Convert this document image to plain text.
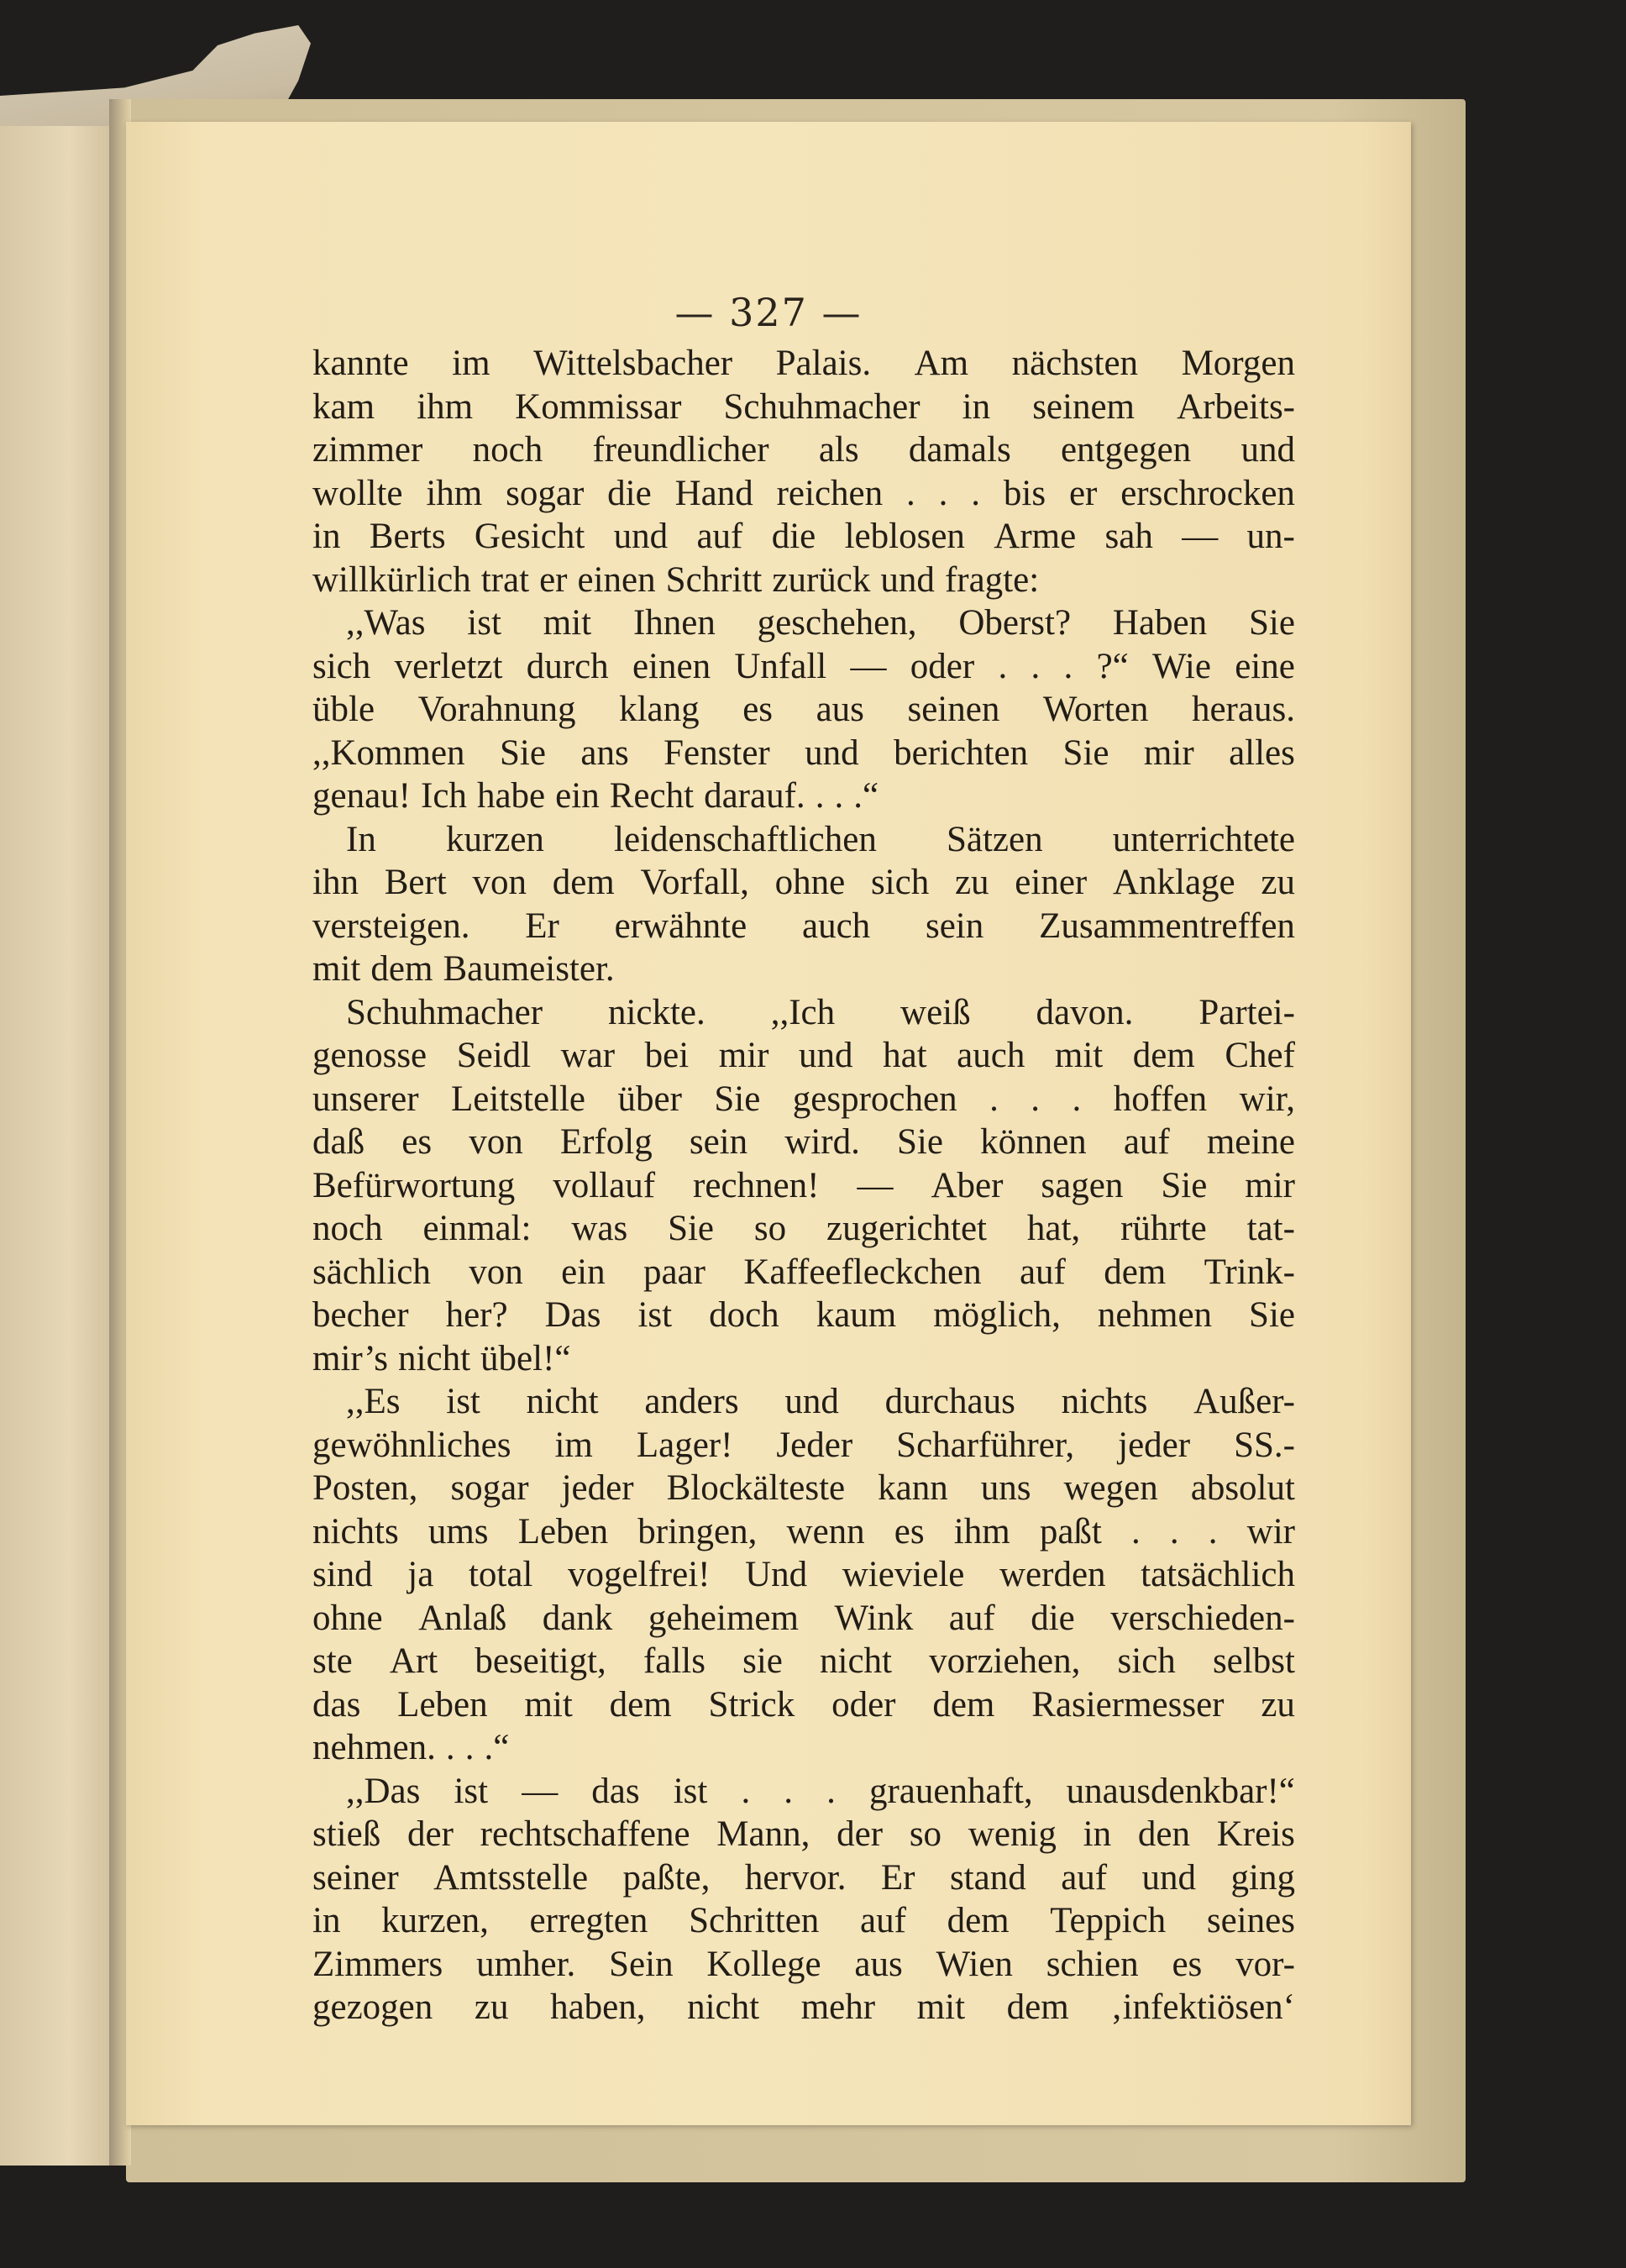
— 327 —
kannte im Wittelsbacher Palais. Am nächsten Morgen
kam ihm Kommissar Schuhmacher in seinem Arbeits-
zimmer noch freundlicher als damals entgegen und
wollte ihm sogar die Hand reichen . . . bis er erschrocken
in Berts Gesicht und auf die leblosen Arme sah — un-
willkürlich trat er einen Schritt zurück und fragte:
,,Was ist mit Ihnen geschehen, Oberst? Haben Sie
sich verletzt durch einen Unfall — oder . . . ?“ Wie eine
üble Vorahnung klang es aus seinen Worten heraus.
,,Kommen Sie ans Fenster und berichten Sie mir alles
genau! Ich habe ein Recht darauf. . . .“
In kurzen leidenschaftlichen Sätzen unterrichtete
ihn Bert von dem Vorfall, ohne sich zu einer Anklage zu
versteigen. Er erwähnte auch sein Zusammentreffen
mit dem Baumeister.
Schuhmacher nickte. ,,Ich weiß davon. Partei-
genosse Seidl war bei mir und hat auch mit dem Chef
unserer Leitstelle über Sie gesprochen . . . hoffen wir,
daß es von Erfolg sein wird. Sie können auf meine
Befürwortung vollauf rechnen! — Aber sagen Sie mir
noch einmal: was Sie so zugerichtet hat, rührte tat-
sächlich von ein paar Kaffeefleckchen auf dem Trink-
becher her? Das ist doch kaum möglich, nehmen Sie
mir’s nicht übel!“
,,Es ist nicht anders und durchaus nichts Außer-
gewöhnliches im Lager! Jeder Scharführer, jeder SS.-
Posten, sogar jeder Blockälteste kann uns wegen absolut
nichts ums Leben bringen, wenn es ihm paßt . . . wir
sind ja total vogelfrei! Und wieviele werden tatsächlich
ohne Anlaß dank geheimem Wink auf die verschieden-
ste Art beseitigt, falls sie nicht vorziehen, sich selbst
das Leben mit dem Strick oder dem Rasiermesser zu
nehmen. . . .“
,,Das ist — das ist . . . grauenhaft, unausdenkbar!“
stieß der rechtschaffene Mann, der so wenig in den Kreis
seiner Amtsstelle paßte, hervor. Er stand auf und ging
in kurzen, erregten Schritten auf dem Teppich seines
Zimmers umher. Sein Kollege aus Wien schien es vor-
gezogen zu haben, nicht mehr mit dem ‚infektiösen‘
